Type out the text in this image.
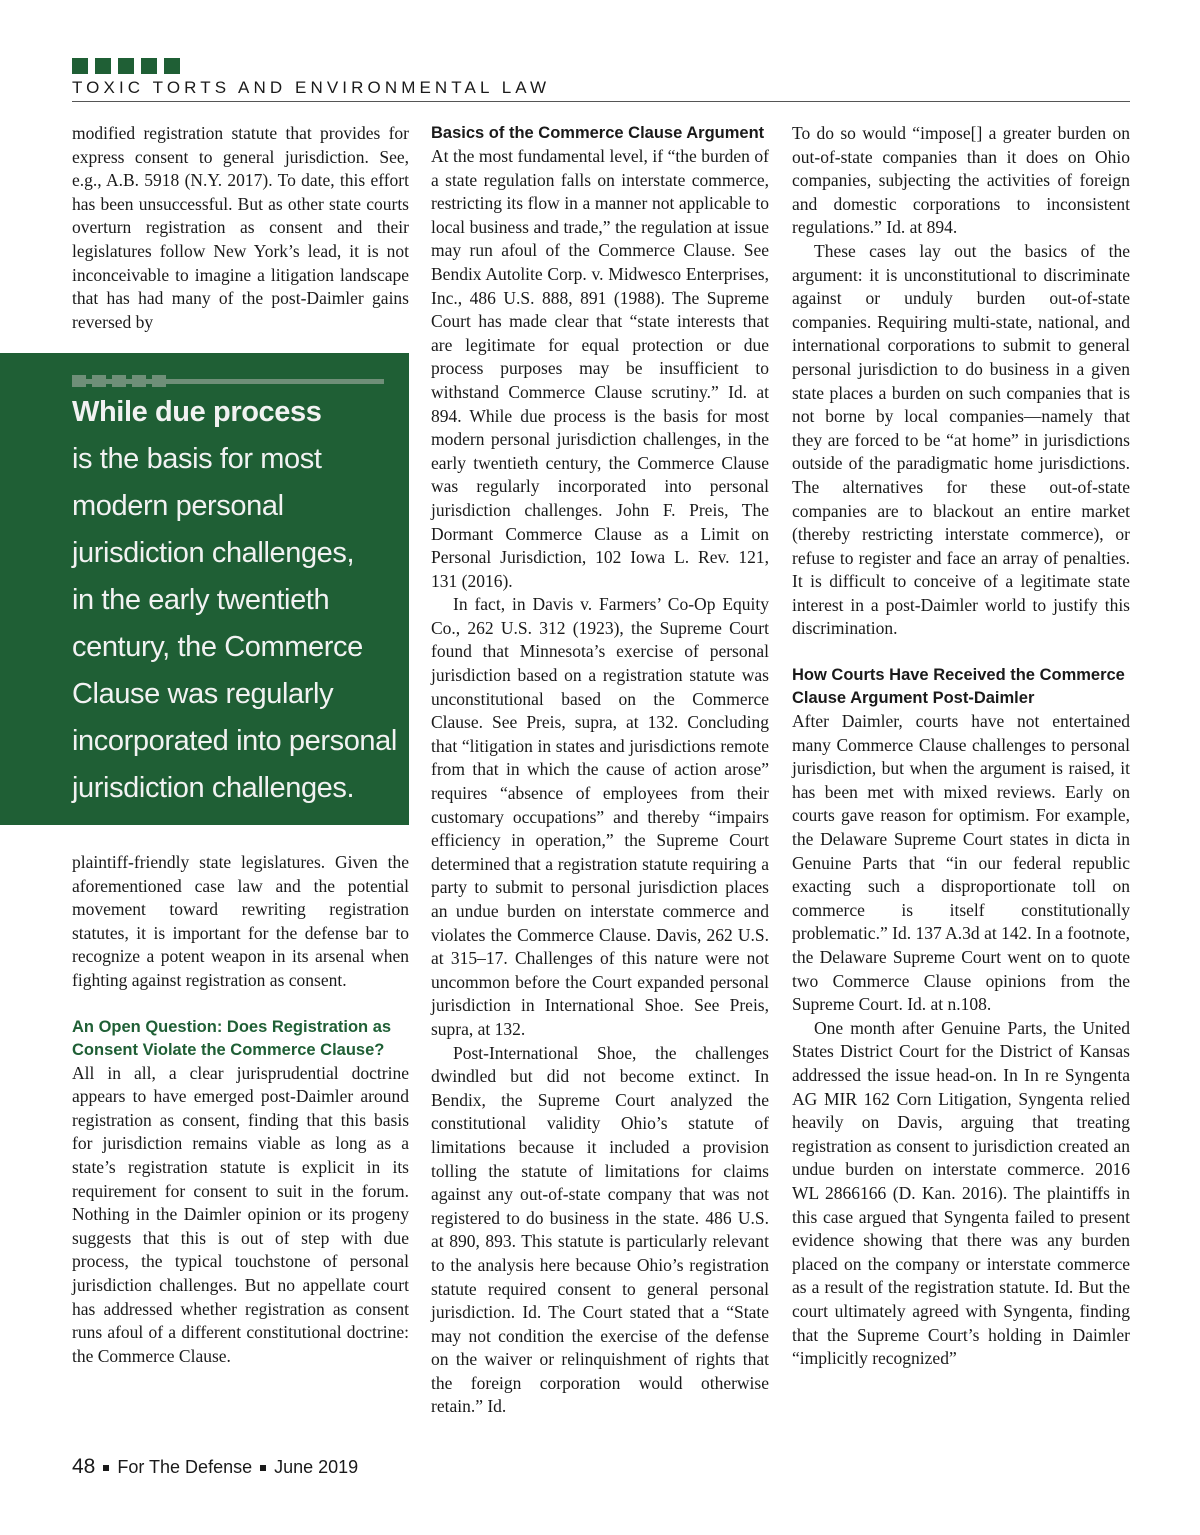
TOXIC TORTS AND ENVIRONMENTAL LAW

modified registration statute that provides for express consent to general jurisdiction. See, e.g., A.B. 5918 (N.Y. 2017). To date, this effort has been unsuccessful. But as other state courts overturn registration as consent and their legislatures follow New York’s lead, it is not inconceivable to imagine a litigation landscape that has had many of the post-Daimler gains reversed by

While due process
is the basis for most
modern personal
jurisdiction challenges,
in the early twentieth
century, the Commerce
Clause was regularly
incorporated into personal
jurisdiction challenges.

plaintiff-friendly state legislatures. Given the aforementioned case law and the potential movement toward rewriting registration statutes, it is important for the defense bar to recognize a potent weapon in its arsenal when fighting against registration as consent.

An Open Question: Does Registration as Consent Violate the Commerce Clause?

All in all, a clear jurisprudential doctrine appears to have emerged post-Daimler around registration as consent, finding that this basis for jurisdiction remains viable as long as a state’s registration statute is explicit in its requirement for consent to suit in the forum. Nothing in the Daimler opinion or its progeny suggests that this is out of step with due process, the typical touchstone of personal jurisdiction challenges. But no appellate court has addressed whether registration as consent runs afoul of a different constitutional doctrine: the Commerce Clause.

Basics of the Commerce Clause Argument

At the most fundamental level, if “the burden of a state regulation falls on interstate commerce, restricting its flow in a manner not applicable to local business and trade,” the regulation at issue may run afoul of the Commerce Clause. See Bendix Autolite Corp. v. Midwesco Enterprises, Inc., 486 U.S. 888, 891 (1988). The Supreme Court has made clear that “state interests that are legitimate for equal protection or due process purposes may be insufficient to withstand Commerce Clause scrutiny.” Id. at 894. While due process is the basis for most modern personal jurisdiction challenges, in the early twentieth century, the Commerce Clause was regularly incorporated into personal jurisdiction challenges. John F. Preis, The Dormant Commerce Clause as a Limit on Personal Jurisdiction, 102 Iowa L. Rev. 121, 131 (2016).

In fact, in Davis v. Farmers’ Co-Op Equity Co., 262 U.S. 312 (1923), the Supreme Court found that Minnesota’s exercise of personal jurisdiction based on a registration statute was unconstitutional based on the Commerce Clause. See Preis, supra, at 132. Concluding that “litigation in states and jurisdictions remote from that in which the cause of action arose” requires “absence of employees from their customary occupations” and thereby “impairs efficiency in operation,” the Supreme Court determined that a registration statute requiring a party to submit to personal jurisdiction places an undue burden on interstate commerce and violates the Commerce Clause. Davis, 262 U.S. at 315–17. Challenges of this nature were not uncommon before the Court expanded personal jurisdiction in International Shoe. See Preis, supra, at 132.

Post-International Shoe, the challenges dwindled but did not become extinct. In Bendix, the Supreme Court analyzed the constitutional validity Ohio’s statute of limitations because it included a provision tolling the statute of limitations for claims against any out-of-state company that was not registered to do business in the state. 486 U.S. at 890, 893. This statute is particularly relevant to the analysis here because Ohio’s registration statute required consent to general personal jurisdiction. Id. The Court stated that a “State may not condition the exercise of the defense on the waiver or relinquishment of rights that the foreign corporation would otherwise retain.” Id.

To do so would “impose[] a greater burden on out-of-state companies than it does on Ohio companies, subjecting the activities of foreign and domestic corporations to inconsistent regulations.” Id. at 894.

These cases lay out the basics of the argument: it is unconstitutional to discriminate against or unduly burden out-of-state companies. Requiring multi-state, national, and international corporations to submit to general personal jurisdiction to do business in a given state places a burden on such companies that is not borne by local companies—namely that they are forced to be “at home” in jurisdictions outside of the paradigmatic home jurisdictions. The alternatives for these out-of-state companies are to blackout an entire market (thereby restricting interstate commerce), or refuse to register and face an array of penalties. It is difficult to conceive of a legitimate state interest in a post-Daimler world to justify this discrimination.

How Courts Have Received the Commerce Clause Argument Post-Daimler

After Daimler, courts have not entertained many Commerce Clause challenges to personal jurisdiction, but when the argument is raised, it has been met with mixed reviews. Early on courts gave reason for optimism. For example, the Delaware Supreme Court states in dicta in Genuine Parts that “in our federal republic exacting such a disproportionate toll on commerce is itself constitutionally problematic.” Id. 137 A.3d at 142. In a footnote, the Delaware Supreme Court went on to quote two Commerce Clause opinions from the Supreme Court. Id. at n.108.

One month after Genuine Parts, the United States District Court for the District of Kansas addressed the issue head-on. In In re Syngenta AG MIR 162 Corn Litigation, Syngenta relied heavily on Davis, arguing that treating registration as consent to jurisdiction created an undue burden on interstate commerce. 2016 WL 2866166 (D. Kan. 2016). The plaintiffs in this case argued that Syngenta failed to present evidence showing that there was any burden placed on the company or interstate commerce as a result of the registration statute. Id. But the court ultimately agreed with Syngenta, finding that the Supreme Court’s holding in Daimler “implicitly recognized”

48 For The Defense June 2019
